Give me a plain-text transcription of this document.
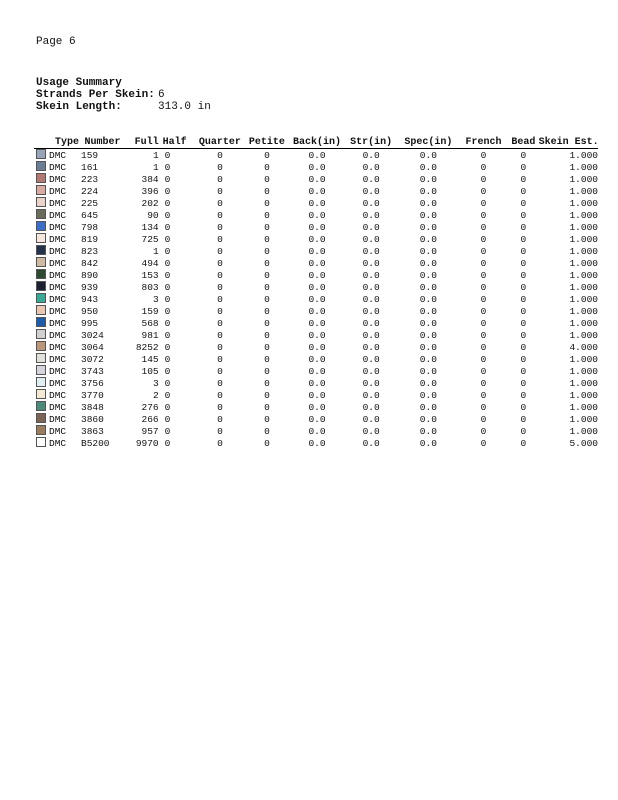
Page 6
Usage Summary
Strands Per Skein: 6
Skein Length:	313.0 in
Type	Number	Full	Half	Quarter	Petite	Back(in)	Str(in)	Spec(in)	French	Bead	Skein Est.
DMC	159	1	0	0	0	0.0	0.0	0.0	0	0	1.000
DMC	161	1	0	0	0	0.0	0.0	0.0	0	0	1.000
DMC	223	384	0	0	0	0.0	0.0	0.0	0	0	1.000
DMC	224	396	0	0	0	0.0	0.0	0.0	0	0	1.000
DMC	225	202	0	0	0	0.0	0.0	0.0	0	0	1.000
DMC	645	90	0	0	0	0.0	0.0	0.0	0	0	1.000
DMC	798	134	0	0	0	0.0	0.0	0.0	0	0	1.000
DMC	819	725	0	0	0	0.0	0.0	0.0	0	0	1.000
DMC	823	1	0	0	0	0.0	0.0	0.0	0	0	1.000
DMC	842	494	0	0	0	0.0	0.0	0.0	0	0	1.000
DMC	890	153	0	0	0	0.0	0.0	0.0	0	0	1.000
DMC	939	803	0	0	0	0.0	0.0	0.0	0	0	1.000
DMC	943	3	0	0	0	0.0	0.0	0.0	0	0	1.000
DMC	950	159	0	0	0	0.0	0.0	0.0	0	0	1.000
DMC	995	568	0	0	0	0.0	0.0	0.0	0	0	1.000
DMC	3024	981	0	0	0	0.0	0.0	0.0	0	0	1.000
DMC	3064	8252	0	0	0	0.0	0.0	0.0	0	0	4.000
DMC	3072	145	0	0	0	0.0	0.0	0.0	0	0	1.000
DMC	3743	105	0	0	0	0.0	0.0	0.0	0	0	1.000
DMC	3756	3	0	0	0	0.0	0.0	0.0	0	0	1.000
DMC	3770	2	0	0	0	0.0	0.0	0.0	0	0	1.000
DMC	3848	276	0	0	0	0.0	0.0	0.0	0	0	1.000
DMC	3860	266	0	0	0	0.0	0.0	0.0	0	0	1.000
DMC	3863	957	0	0	0	0.0	0.0	0.0	0	0	1.000
DMC	B5200	9970	0	0	0	0.0	0.0	0.0	0	0	5.000
